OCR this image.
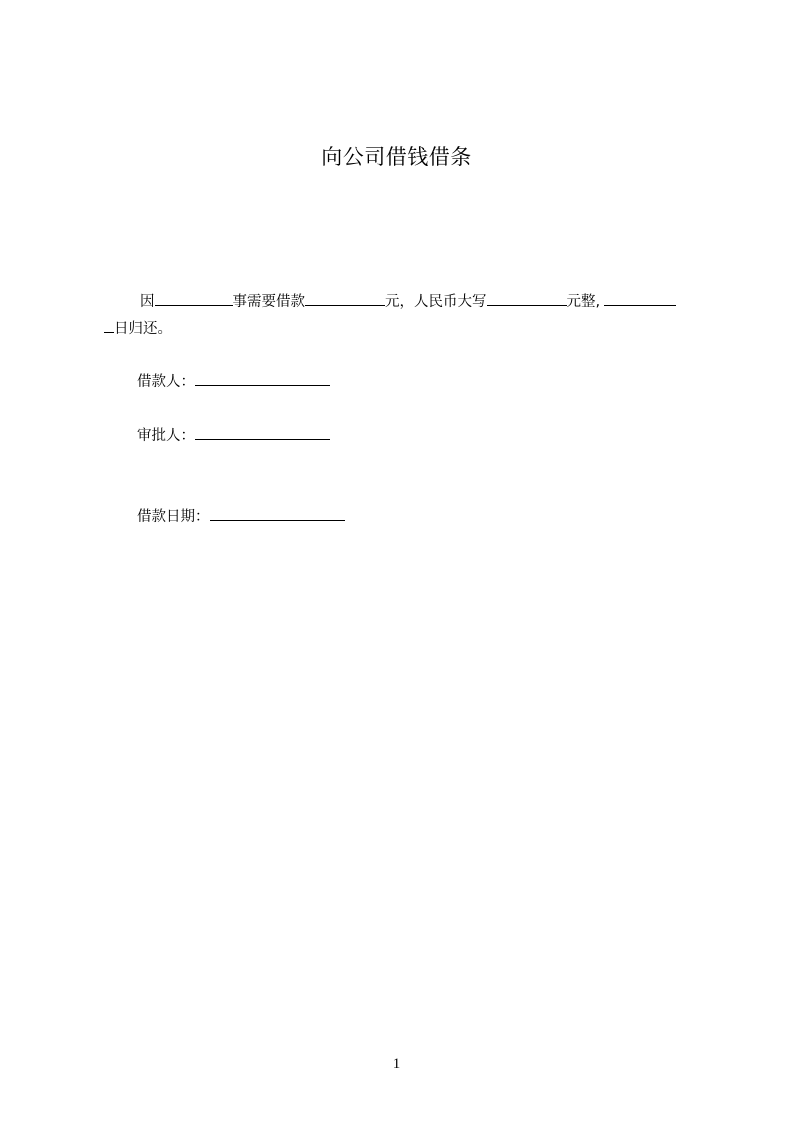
向公司借钱借条
因	事需要借款	元，人民币大写	元整,
日归还。
借款人：
审批人：
借款日期：
1
